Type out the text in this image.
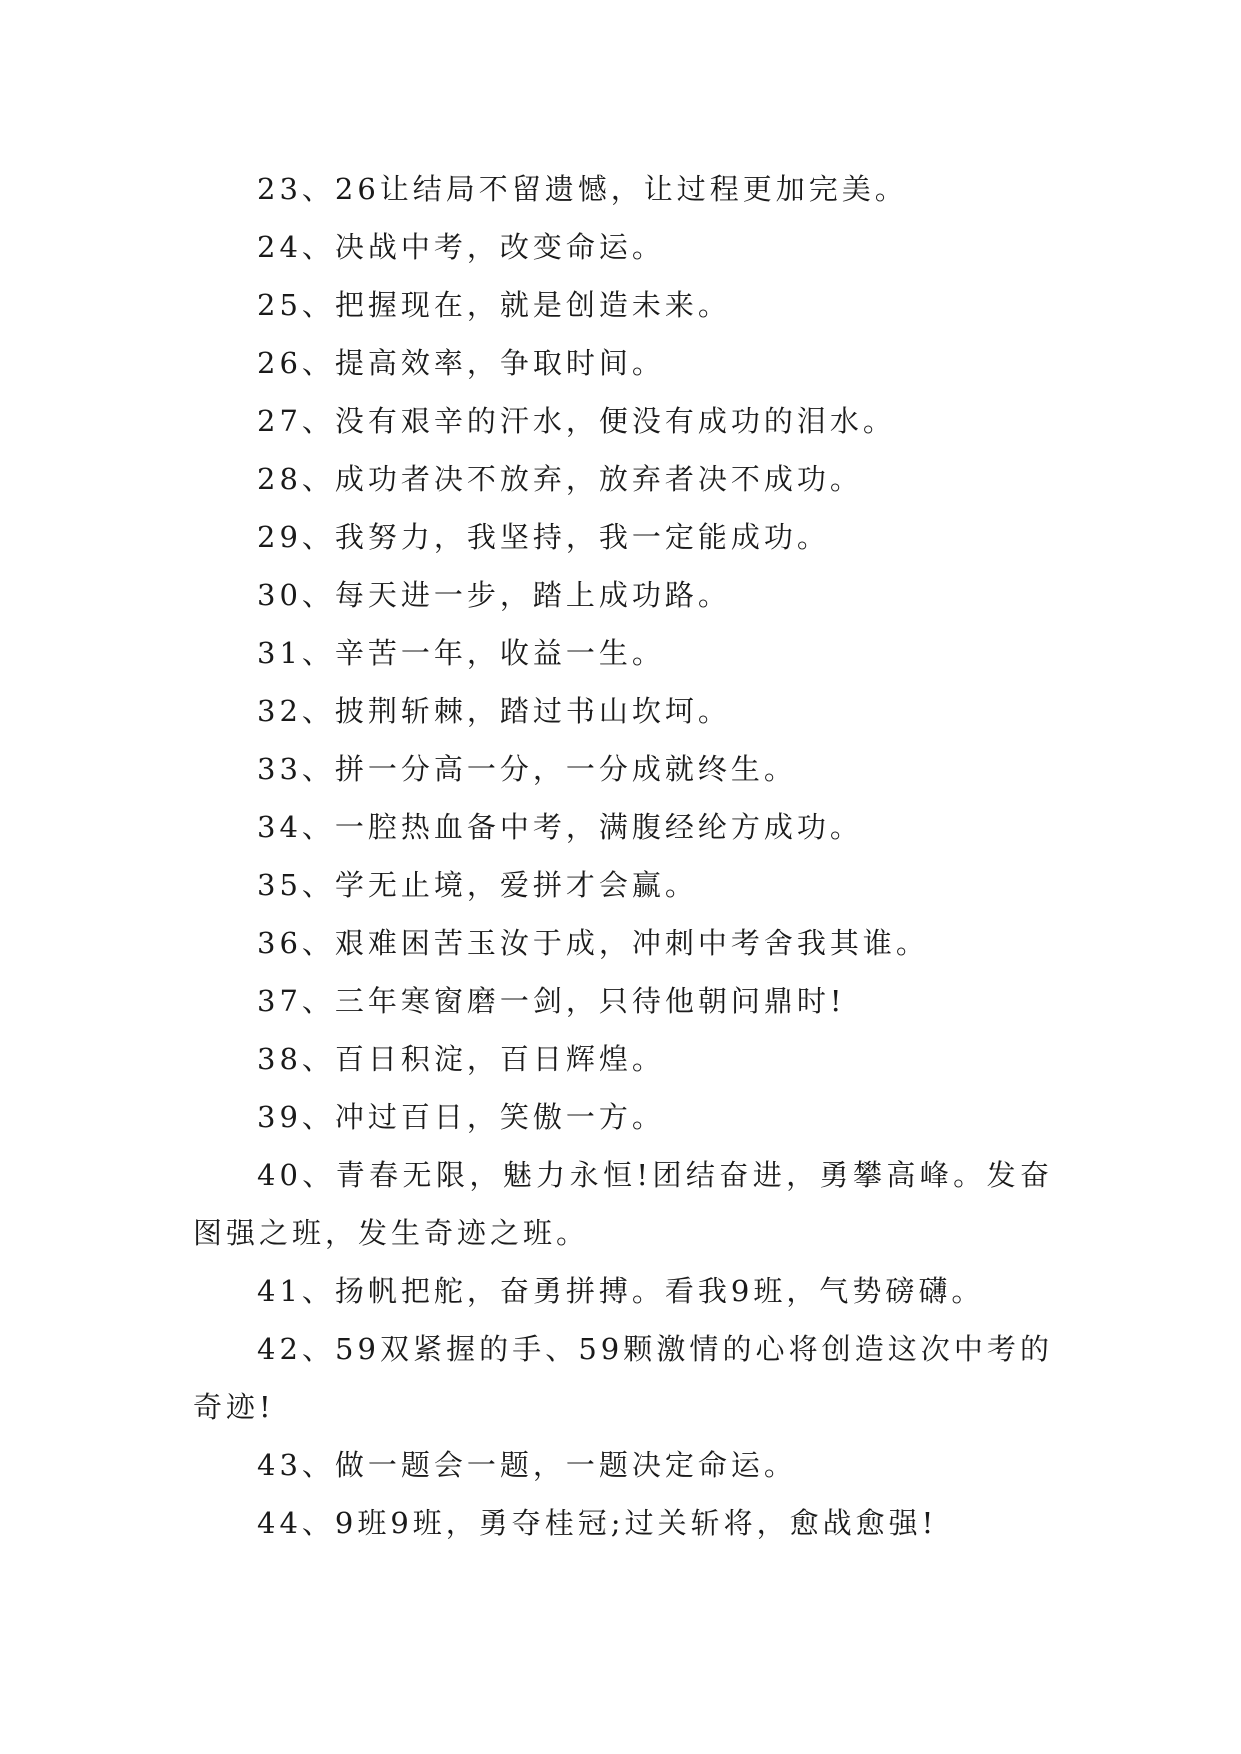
23、26让结局不留遗憾，让过程更加完美。

24、决战中考，改变命运。

25、把握现在，就是创造未来。

26、提高效率，争取时间。

27、没有艰辛的汗水，便没有成功的泪水。

28、成功者决不放弃，放弃者决不成功。

29、我努力，我坚持，我一定能成功。

30、每天进一步，踏上成功路。

31、辛苦一年，收益一生。

32、披荆斩棘，踏过书山坎坷。

33、拼一分高一分，一分成就终生。

34、一腔热血备中考，满腹经纶方成功。

35、学无止境，爱拼才会赢。

36、艰难困苦玉汝于成，冲刺中考舍我其谁。

37、三年寒窗磨一剑，只待他朝问鼎时!

38、百日积淀，百日辉煌。

39、冲过百日，笑傲一方。

40、青春无限，魅力永恒!团结奋进，勇攀高峰。发奋图强之班，发生奇迹之班。

41、扬帆把舵，奋勇拼搏。看我9班，气势磅礴。

42、59双紧握的手、59颗激情的心将创造这次中考的奇迹!

43、做一题会一题，一题决定命运。

44、9班9班，勇夺桂冠;过关斩将，愈战愈强!
